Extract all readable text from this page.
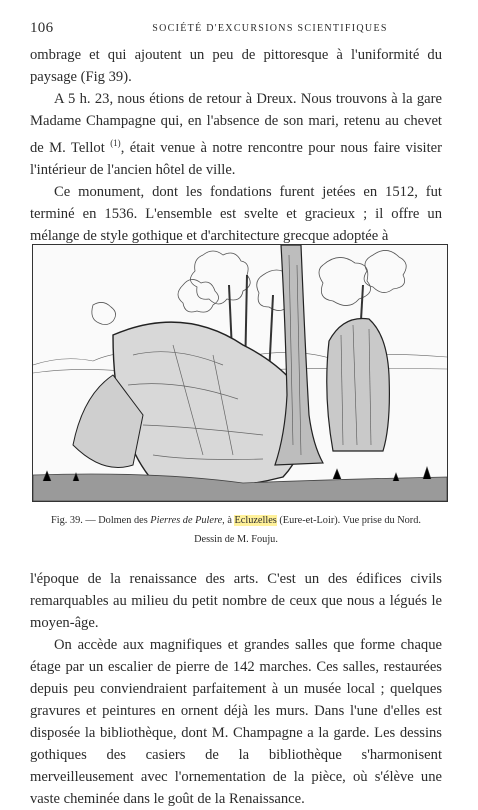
106	SOCIÉTÉ D'EXCURSIONS SCIENTIFIQUES

ombrage et qui ajoutent un peu de pittoresque à l'uniformité du paysage (Fig 39).

A 5 h. 23, nous étions de retour à Dreux. Nous trouvons à la gare Madame Champagne qui, en l'absence de son mari, retenu au chevet de M. Tellot $^{(1)}$, était venue à notre rencontre pour nous faire visiter l'intérieur de l'ancien hôtel de ville.

Ce monument, dont les fondations furent jetées en 1512, fut terminé en 1536. L'ensemble est svelte et gracieux ; il offre un mélange de style gothique et d'architecture grecque adoptée à

Fig. 39. — Dolmen des Pierres de Pulere, à Ecluzelles (Eure-et-Loir). Vue prise du Nord.
Dessin de M. Fouju.

l'époque de la renaissance des arts. C'est un des édifices civils remarquables au milieu du petit nombre de ceux que nous a légués le moyen-âge.

On accède aux magnifiques et grandes salles que forme chaque étage par un escalier de pierre de 142 marches. Ces salles, restaurées depuis peu conviendraient parfaitement à un musée local ; quelques gravures et peintures en ornent déjà les murs. Dans l'une d'elles est disposée la bibliothèque, dont M. Champagne a la garde. Les dessins gothiques des casiers de la bibliothèque s'harmonisent merveilleusement avec l'ornementation de la pièce, où s'élève une vaste cheminée dans le goût de la Renaissance.
